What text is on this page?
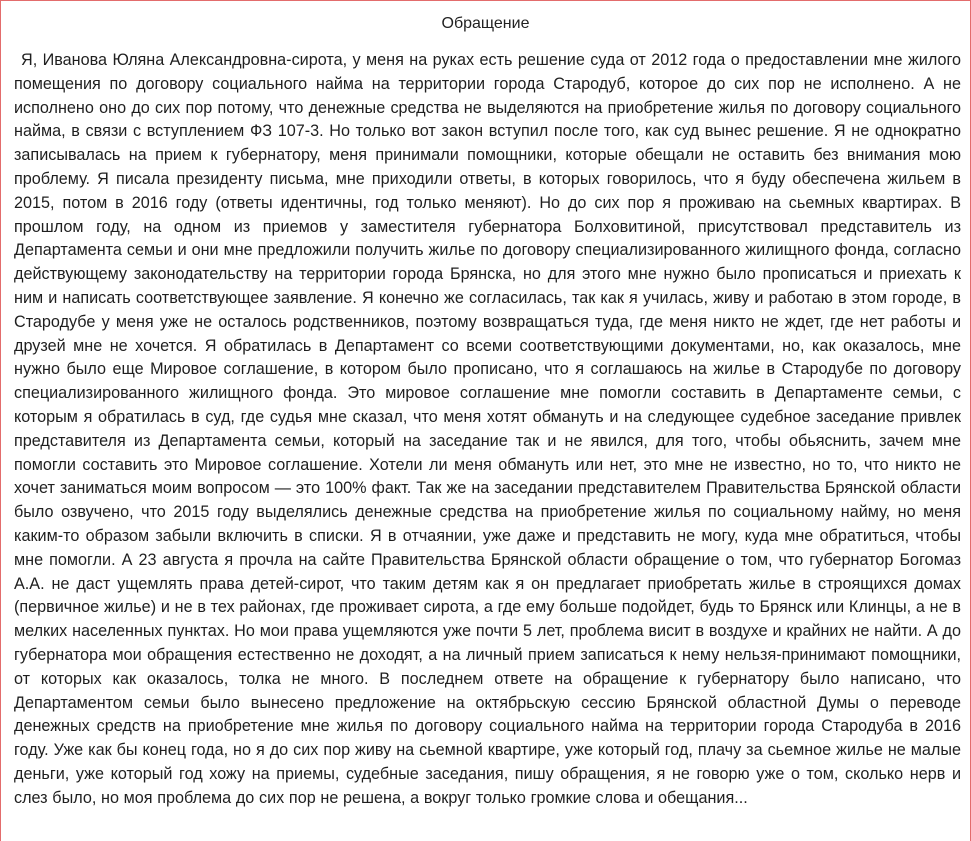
Обращение

Я, Иванова Юляна Александровна-сирота, у меня на руках есть решение суда от 2012 года о предоставлении мне жилого помещения по договору социального найма на территории города Стародуб, которое до сих пор не исполнено. А не исполнено оно до сих пор потому, что денежные средства не выделяются на приобретение жилья по договору социального найма, в связи с вступлением ФЗ 107-3. Но только вот закон вступил после того, как суд вынес решение. Я не однократно записывалась на прием к губернатору, меня принимали помощники, которые обещали не оставить без внимания мою проблему. Я писала президенту письма, мне приходили ответы, в которых говорилось, что я буду обеспечена жильем в 2015, потом в 2016 году (ответы идентичны, год только меняют). Но до сих пор я проживаю на сьемных квартирах. В прошлом году, на одном из приемов у заместителя губернатора Болховитиной, присутствовал представитель из Департамента семьи и они мне предложили получить жилье по договору специализированного жилищного фонда, согласно действующему законодательству на территории города Брянска, но для этого мне нужно было прописаться и приехать к ним и написать соответствующее заявление. Я конечно же согласилась, так как я училась, живу и работаю в этом городе, в Стародубе у меня уже не осталось родственников, поэтому возвращаться туда, где меня никто не ждет, где нет работы и друзей мне не хочется. Я обратилась в Департамент со всеми соответствующими документами, но, как оказалось, мне нужно было еще Мировое соглашение, в котором было прописано, что я соглашаюсь на жилье в Стародубе по договору специализированного жилищного фонда. Это мировое соглашение мне помогли составить в Департаменте семьи, с которым я обратилась в суд, где судья мне сказал, что меня хотят обмануть и на следующее судебное заседание привлек представителя из Департамента семьи, который на заседание так и не явился, для того, чтобы обьяснить, зачем мне помогли составить это Мировое соглашение. Хотели ли меня обмануть или нет, это мне не известно, но то, что никто не хочет заниматься моим вопросом — это 100% факт. Так же на заседании представителем Правительства Брянской области было озвучено, что 2015 году выделялись денежные средства на приобретение жилья по социальному найму, но меня каким-то образом забыли включить в списки. Я в отчаянии, уже даже и представить не могу, куда мне обратиться, чтобы мне помогли. А 23 августа я прочла на сайте Правительства Брянской области обращение о том, что губернатор Богомаз А.А. не даст ущемлять права детей-сирот, что таким детям как я он предлагает приобретать жилье в строящихся домах (первичное жилье) и не в тех районах, где проживает сирота, а где ему больше подойдет, будь то Брянск или Клинцы, а не в мелких населенных пунктах. Но мои права ущемляются уже почти 5 лет, проблема висит в воздухе и крайних не найти. А до губернатора мои обращения естественно не доходят, а на личный прием записаться к нему нельзя-принимают помощники, от которых как оказалось, толка не много. В последнем ответе на обращение к губернатору было написано, что Департаментом семьи было вынесено предложение на октябрьскую сессию Брянской областной Думы о переводе денежных средств на приобретение мне жилья по договору социального найма на территории города Стародуба в 2016 году. Уже как бы конец года, но я до сих пор живу на сьемной квартире, уже который год, плачу за сьемное жилье не малые деньги, уже который год хожу на приемы, судебные заседания, пишу обращения, я не говорю уже о том, сколько нерв и слез было, но моя проблема до сих пор не решена, а вокруг только громкие слова и обещания...
